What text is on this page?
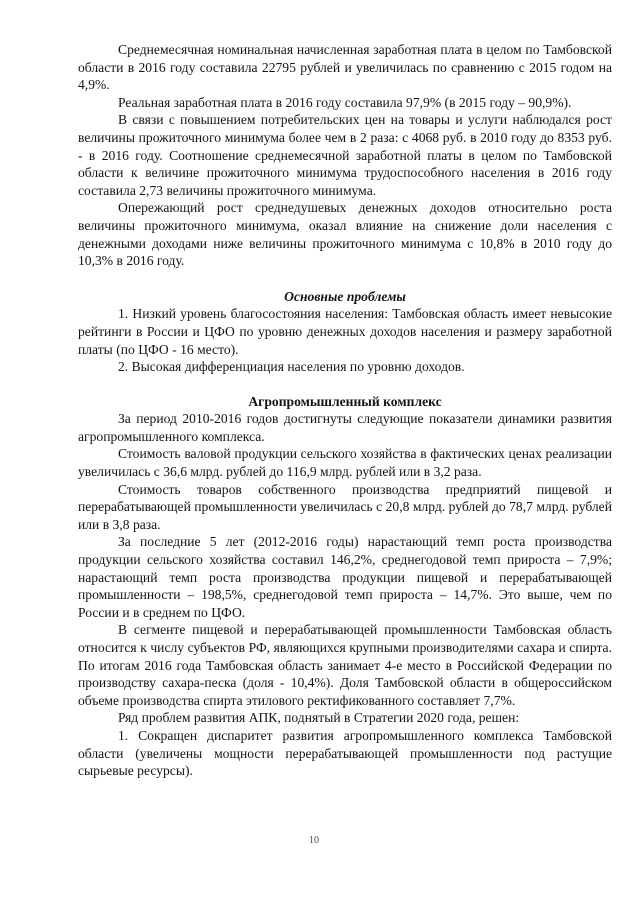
Среднемесячная номинальная начисленная заработная плата в целом по Тамбовской области в 2016 году составила 22795 рублей и увеличилась по сравнению с 2015 годом на 4,9%.

Реальная заработная плата в 2016 году составила 97,9% (в 2015 году – 90,9%).

В связи с повышением потребительских цен на товары и услуги наблюдался рост величины прожиточного минимума более чем в 2 раза: с 4068 руб. в 2010 году до 8353 руб. - в 2016 году. Соотношение среднемесячной заработной платы в целом по Тамбовской области к величине прожиточного минимума трудоспособного населения в 2016 году составила 2,73 величины прожиточного минимума.

Опережающий рост среднедушевых денежных доходов относительно роста величины прожиточного минимума, оказал влияние на снижение доли населения с денежными доходами ниже величины прожиточного минимума с 10,8% в 2010 году до 10,3% в 2016 году.

Основные проблемы

1. Низкий уровень благосостояния населения: Тамбовская область имеет невысокие рейтинги в России и ЦФО по уровню денежных доходов населения и размеру заработной платы (по ЦФО - 16 место).

2. Высокая дифференциация населения по уровню доходов.

Агропромышленный комплекс

За период 2010-2016 годов достигнуты следующие показатели динамики развития агропромышленного комплекса.

Стоимость валовой продукции сельского хозяйства в фактических ценах реализации увеличилась с 36,6 млрд. рублей до 116,9 млрд. рублей или в 3,2 раза.

Стоимость товаров собственного производства предприятий пищевой и перерабатывающей промышленности увеличилась с 20,8 млрд. рублей до 78,7 млрд. рублей или в 3,8 раза.

За последние 5 лет (2012-2016 годы) нарастающий темп роста производства продукции сельского хозяйства составил 146,2%, среднегодовой темп прироста – 7,9%; нарастающий темп роста производства продукции пищевой и перерабатывающей промышленности – 198,5%, среднегодовой темп прироста – 14,7%. Это выше, чем по России и в среднем по ЦФО.

В сегменте пищевой и перерабатывающей промышленности Тамбовская область относится к числу субъектов РФ, являющихся крупными производителями сахара и спирта. По итогам 2016 года Тамбовская область занимает 4-е место в Российской Федерации по производству сахара-песка (доля - 10,4%). Доля Тамбовской области в общероссийском объеме производства спирта этилового ректификованного составляет 7,7%.

Ряд проблем развития АПК, поднятый в Стратегии 2020 года, решен:

1. Сокращен диспаритет развития агропромышленного комплекса Тамбовской области (увеличены мощности перерабатывающей промышленности под растущие сырьевые ресурсы).

10
